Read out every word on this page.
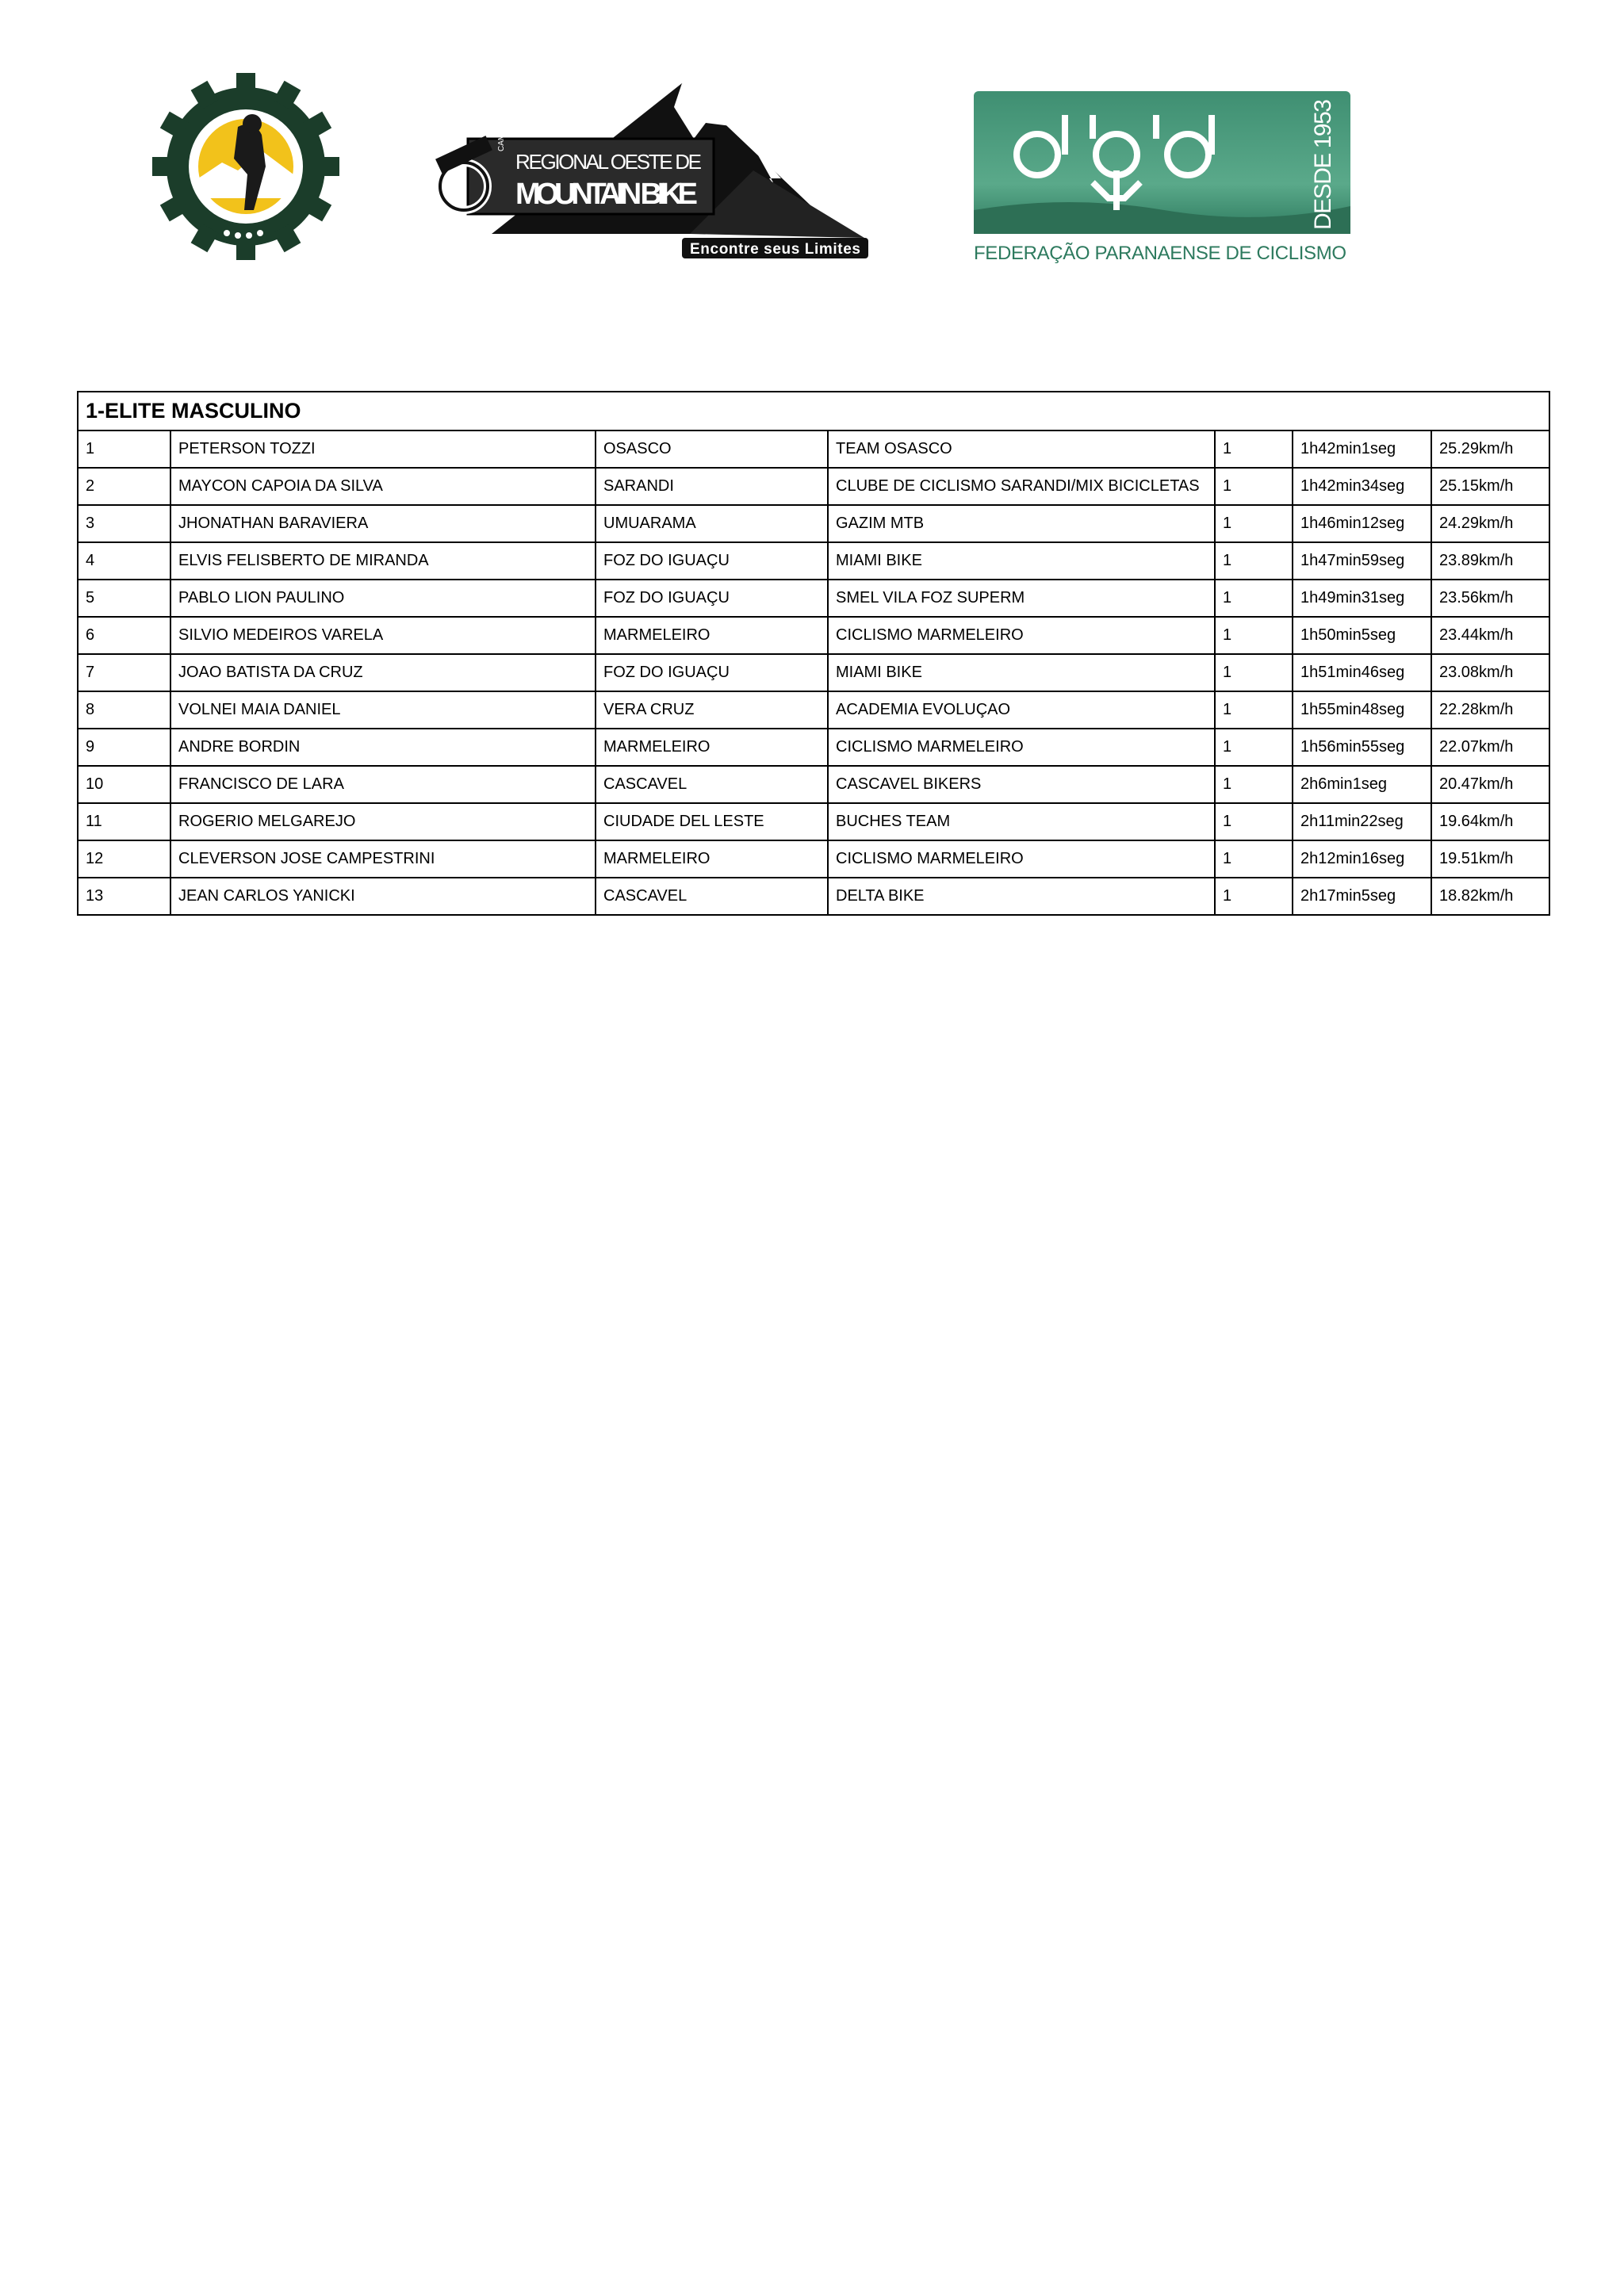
CAMPEONATO
REGIONAL OESTE DE
MOUNTAIN BIKE
Encontre seus Limites
DESDE 1953
FEDERAÇÃO PARANAENSE DE CICLISMO
1-ELITE MASCULINO						
1	PETERSON TOZZI	OSASCO	TEAM OSASCO	1	1h42min1seg	25.29km/h
2	MAYCON CAPOIA DA SILVA	SARANDI	CLUBE DE CICLISMO SARANDI/MIX BICICLETAS	1	1h42min34seg	25.15km/h
3	JHONATHAN BARAVIERA	UMUARAMA	GAZIM MTB	1	1h46min12seg	24.29km/h
4	ELVIS FELISBERTO DE MIRANDA	FOZ DO IGUAÇU	MIAMI BIKE	1	1h47min59seg	23.89km/h
5	PABLO LION PAULINO	FOZ DO IGUAÇU	SMEL VILA FOZ SUPERM	1	1h49min31seg	23.56km/h
6	SILVIO MEDEIROS VARELA	MARMELEIRO	CICLISMO MARMELEIRO	1	1h50min5seg	23.44km/h
7	JOAO BATISTA DA CRUZ	FOZ DO IGUAÇU	MIAMI BIKE	1	1h51min46seg	23.08km/h
8	VOLNEI MAIA DANIEL	VERA CRUZ	ACADEMIA EVOLUÇAO	1	1h55min48seg	22.28km/h
9	ANDRE BORDIN	MARMELEIRO	CICLISMO MARMELEIRO	1	1h56min55seg	22.07km/h
10	FRANCISCO DE LARA	CASCAVEL	CASCAVEL BIKERS	1	2h6min1seg	20.47km/h
11	ROGERIO MELGAREJO	CIUDADE DEL LESTE	BUCHES TEAM	1	2h11min22seg	19.64km/h
12	CLEVERSON JOSE CAMPESTRINI	MARMELEIRO	CICLISMO MARMELEIRO	1	2h12min16seg	19.51km/h
13	JEAN CARLOS YANICKI	CASCAVEL	DELTA BIKE	1	2h17min5seg	18.82km/h
